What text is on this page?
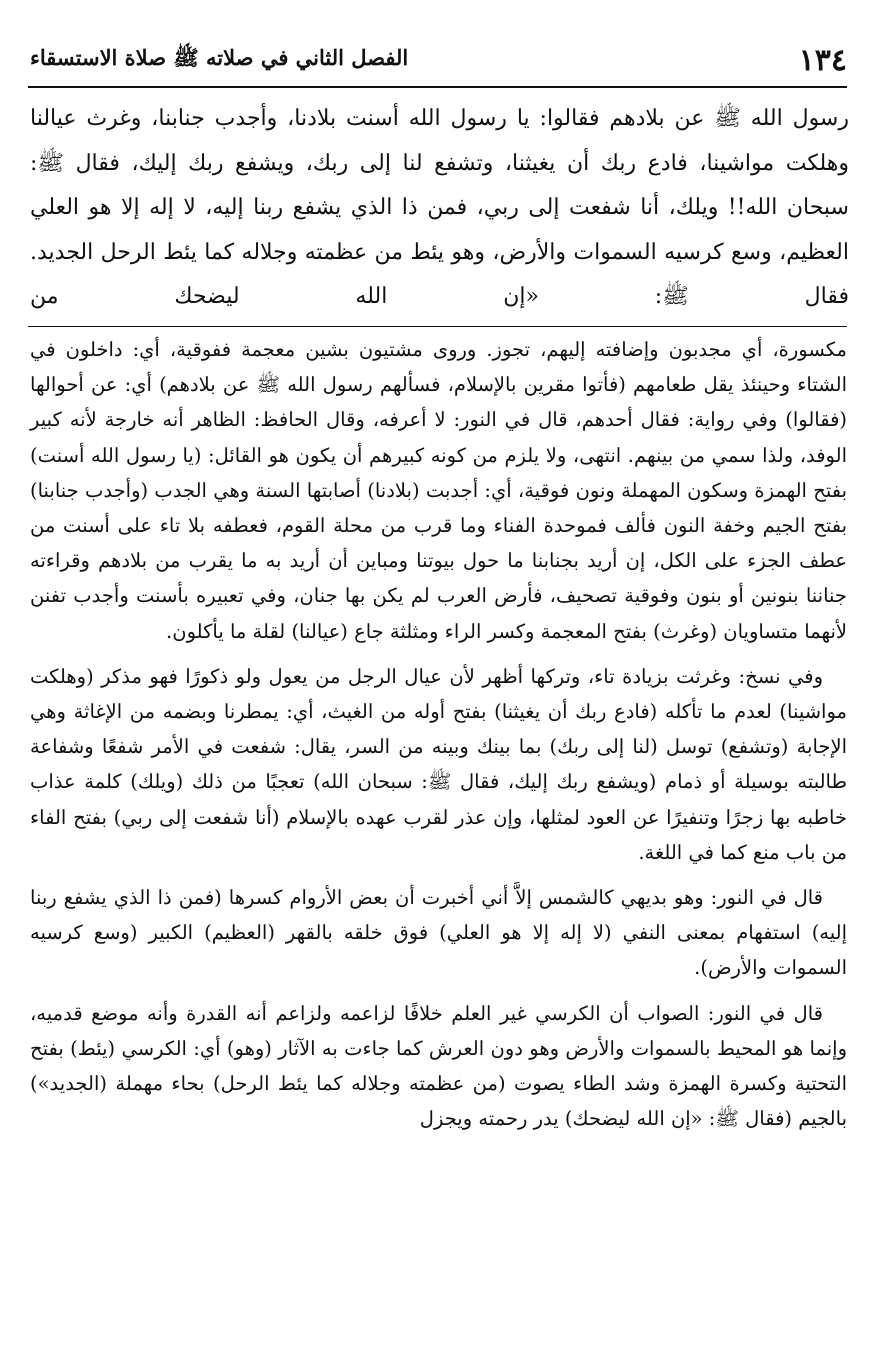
١٣٤
الفصل الثاني في صلاته ﷺ صلاة الاستسقاء

رسول الله ﷺ عن بلادهم فقالوا: يا رسول الله أسنت بلادنا، وأجدب جنابنا، وغرث عيالنا وهلكت مواشينا، فادع ربك أن يغيثنا، وتشفع لنا إلى ربك، ويشفع ربك إليك، فقال ﷺ: سبحان الله!! ويلك، أنا شفعت إلى ربي، فمن ذا الذي يشفع ربنا إليه، لا إله إلا هو العلي العظيم، وسع كرسيه السموات والأرض، وهو يئط من عظمته وجلاله كما يئط الرحل الجديد. فقال ﷺ: «إن الله ليضحك من

مكسورة، أي مجدبون وإضافته إليهم، تجوز. وروى مشتيون بشين معجمة ففوقية، أي: داخلون في الشتاء وحينئذ يقل طعامهم (فأتوا مقرين بالإسلام، فسألهم رسول الله ﷺ عن بلادهم) أي: عن أحوالها (فقالوا) وفي رواية: فقال أحدهم، قال في النور: لا أعرفه، وقال الحافظ: الظاهر أنه خارجة لأنه كبير الوفد، ولذا سمي من بينهم. انتهى، ولا يلزم من كونه كبيرهم أن يكون هو القائل: (يا رسول الله أسنت) بفتح الهمزة وسكون المهملة ونون فوقية، أي: أجدبت (بلادنا) أصابتها السنة وهي الجدب (وأجدب جنابنا) بفتح الجيم وخفة النون فألف فموحدة الفناء وما قرب من محلة القوم، فعطفه بلا تاء على أسنت من عطف الجزء على الكل، إن أريد بجنابنا ما حول بيوتنا ومباين أن أريد به ما يقرب من بلادهم وقراءته جناننا بنونين أو بنون وفوقية تصحيف، فأرض العرب لم يكن بها جنان، وفي تعبيره بأسنت وأجدب تفنن لأنهما متساويان (وغرث) بفتح المعجمة وكسر الراء ومثلثة جاع (عيالنا) لقلة ما يأكلون.

وفي نسخ: وغرثت بزيادة تاء، وتركها أظهر لأن عيال الرجل من يعول ولو ذكورًا فهو مذكر (وهلكت مواشينا) لعدم ما تأكله (فادع ربك أن يغيثنا) بفتح أوله من الغيث، أي: يمطرنا وبضمه من الإغاثة وهي الإجابة (وتشفع) توسل (لنا إلى ربك) بما بينك وبينه من السر، يقال: شفعت في الأمر شفعًا وشفاعة طالبته بوسيلة أو ذمام (ويشفع ربك إليك، فقال ﷺ: سبحان الله) تعجبًا من ذلك (ويلك) كلمة عذاب خاطبه بها زجرًا وتنفيرًا عن العود لمثلها، وإن عذر لقرب عهده بالإسلام (أنا شفعت إلى ربي) بفتح الفاء من باب منع كما في اللغة.

قال في النور: وهو بديهي كالشمس إلاَّ أني أخبرت أن بعض الأروام كسرها (فمن ذا الذي يشفع ربنا إليه) استفهام بمعنى النفي (لا إله إلا هو العلي) فوق خلقه بالقهر (العظيم) الكبير (وسع كرسيه السموات والأرض).

قال في النور: الصواب أن الكرسي غير العلم خلافًا لزاعمه ولزاعم أنه القدرة وأنه موضع قدميه، وإنما هو المحيط بالسموات والأرض وهو دون العرش كما جاءت به الآثار (وهو) أي: الكرسي (يئط) بفتح التحتية وكسرة الهمزة وشد الطاء يصوت (من عظمته وجلاله كما يئط الرحل) بحاء مهملة (الجديد») بالجيم (فقال ﷺ: «إن الله ليضحك) يدر رحمته ويجزل
